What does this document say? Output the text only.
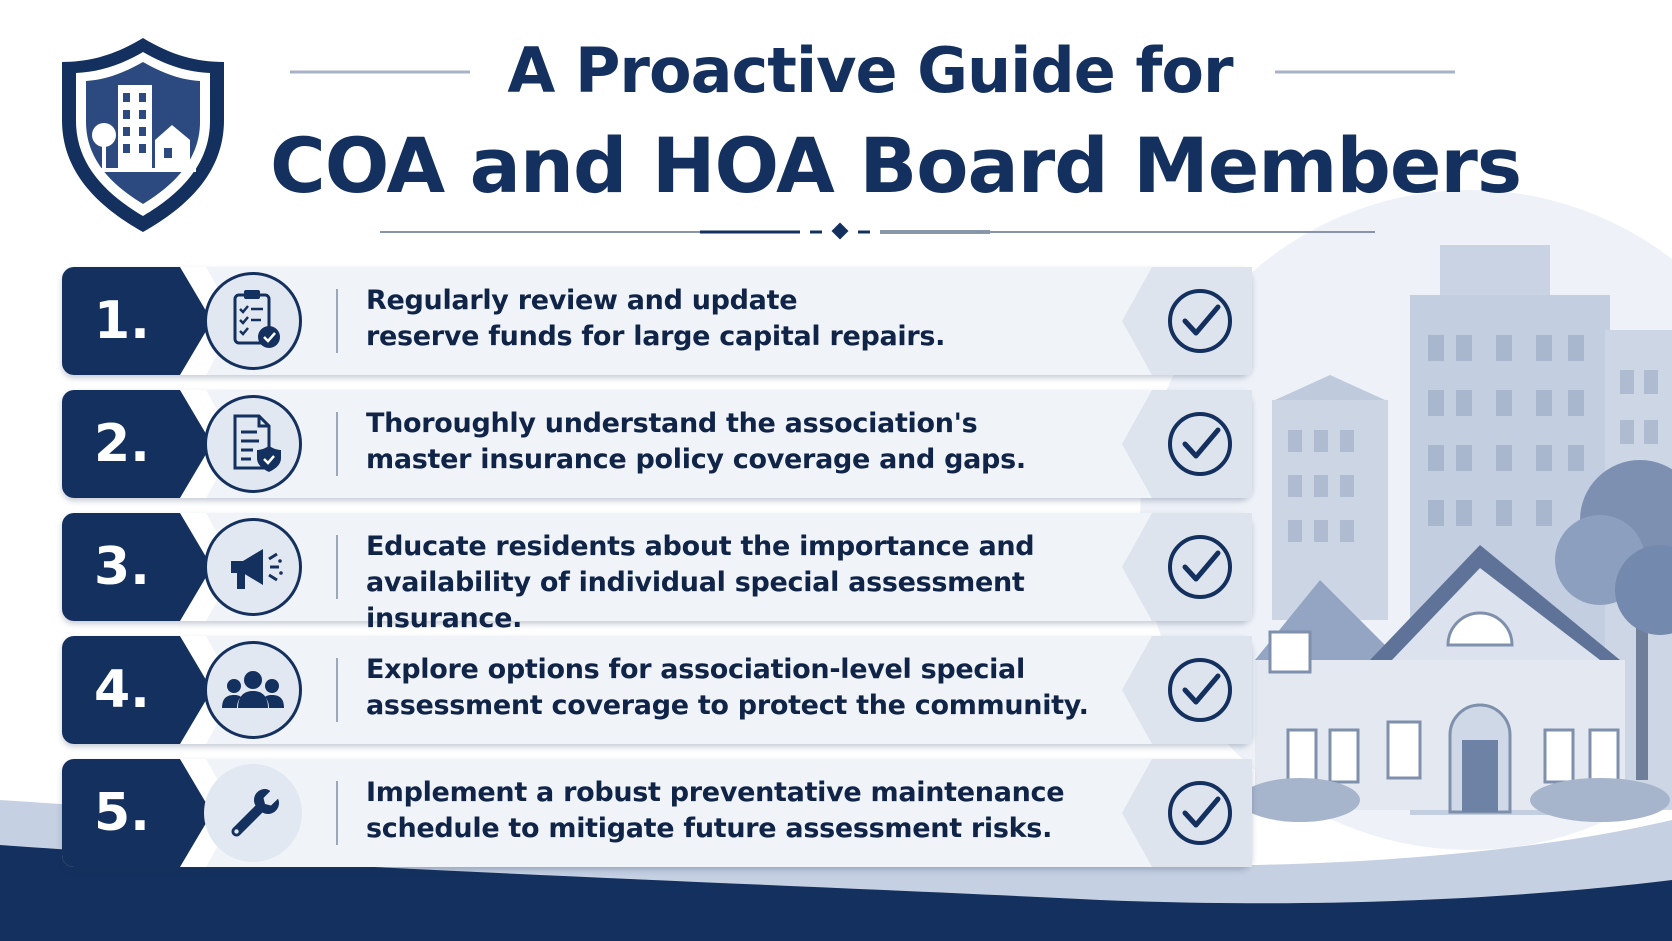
A Proactive Guide for
COA and HOA Board Members
1.	Regularly review and update
reserve funds for large capital repairs.
2.	Thoroughly understand the association's
master insurance policy coverage and gaps.
3.	Educate residents about the importance and
availability of individual special assessment insurance.
4.	Explore options for association-level special
assessment coverage to protect the community.
5.	Implement a robust preventative maintenance
schedule to mitigate future assessment risks.
